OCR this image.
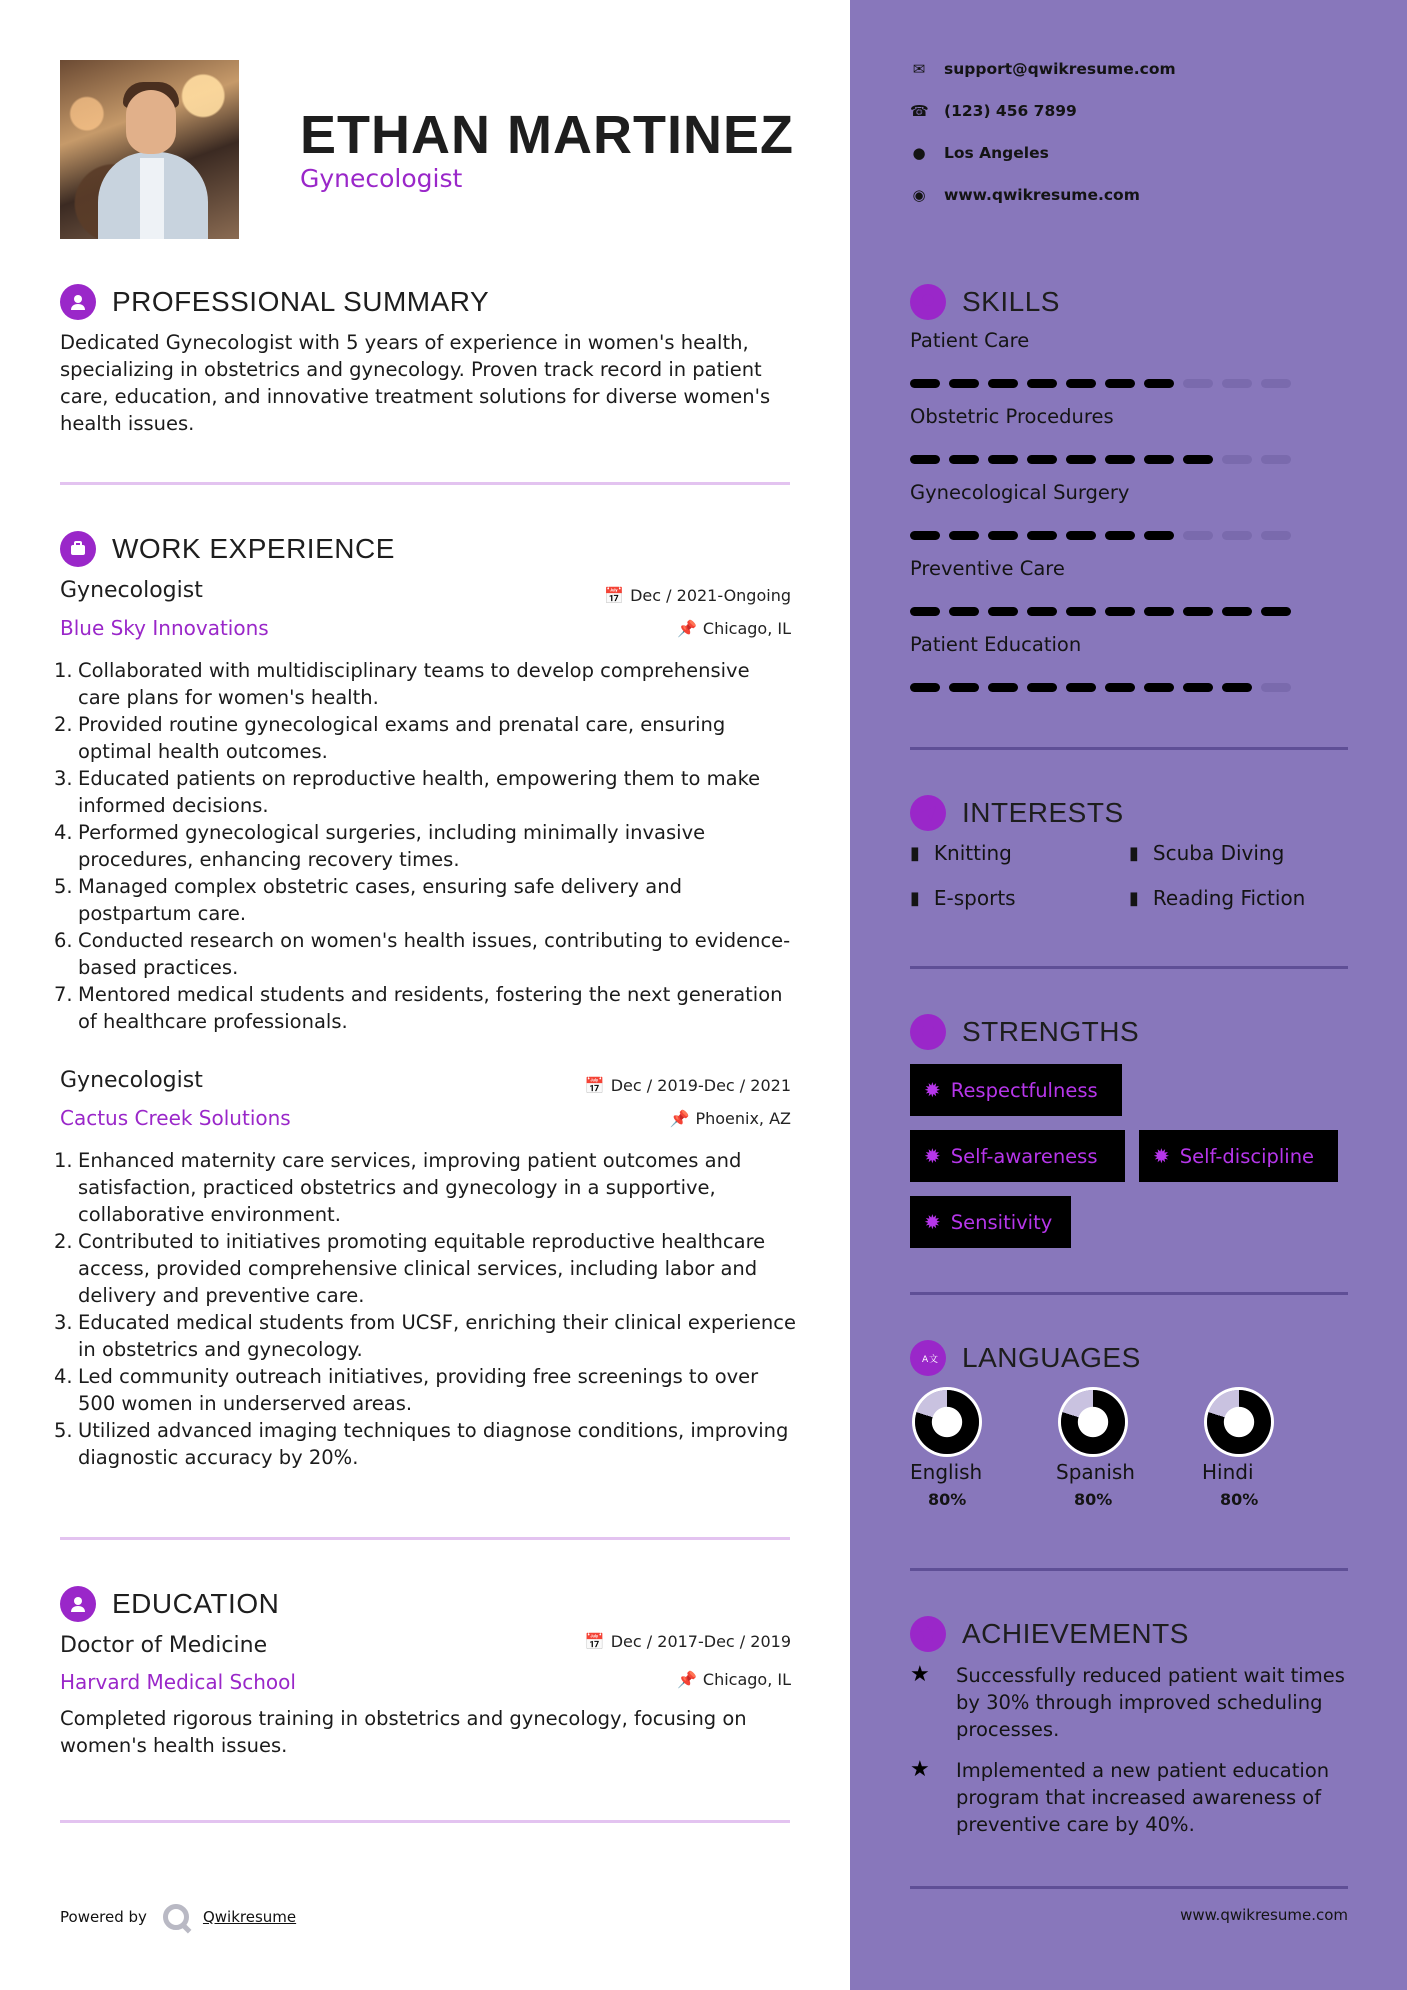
ETHAN MARTINEZ
Gynecologist
PROFESSIONAL SUMMARY
Dedicated Gynecologist with 5 years of experience in women's health, specializing in obstetrics and gynecology. Proven track record in patient care, education, and innovative treatment solutions for diverse women's health issues.
WORK EXPERIENCE
Gynecologist	📅 Dec / 2021-Ongoing
Blue Sky Innovations	📌 Chicago, IL
Collaborated with multidisciplinary teams to develop comprehensive care plans for women's health.
Provided routine gynecological exams and prenatal care, ensuring optimal health outcomes.
Educated patients on reproductive health, empowering them to make informed decisions.
Performed gynecological surgeries, including minimally invasive procedures, enhancing recovery times.
Managed complex obstetric cases, ensuring safe delivery and postpartum care.
Conducted research on women's health issues, contributing to evidence-based practices.
Mentored medical students and residents, fostering the next generation of healthcare professionals.
Gynecologist	📅 Dec / 2019-Dec / 2021
Cactus Creek Solutions	📌 Phoenix, AZ
Enhanced maternity care services, improving patient outcomes and satisfaction, practiced obstetrics and gynecology in a supportive, collaborative environment.
Contributed to initiatives promoting equitable reproductive healthcare access, provided comprehensive clinical services, including labor and delivery and preventive care.
Educated medical students from UCSF, enriching their clinical experience in obstetrics and gynecology.
Led community outreach initiatives, providing free screenings to over 500 women in underserved areas.
Utilized advanced imaging techniques to diagnose conditions, improving diagnostic accuracy by 20%.
EDUCATION
Doctor of Medicine	📅 Dec / 2017-Dec / 2019
Harvard Medical School	📌 Chicago, IL
Completed rigorous training in obstetrics and gynecology, focusing on women's health issues.
Powered by	Qwikresume
✉ support@qwikresume.com
☎ (123) 456 7899
● Los Angeles
◉ www.qwikresume.com
SKILLS
Patient Care
Obstetric Procedures
Gynecological Surgery
Preventive Care
Patient Education
INTERESTS
▮ Knitting	▮ Scuba Diving
▮ E-sports	▮ Reading Fiction
STRENGTHS
✹ Respectfulness
✹ Self-awareness	✹ Self-discipline
✹ Sensitivity
A 文 LANGUAGES
English
80%
Spanish
80%
Hindi
80%
ACHIEVEMENTS
★	Successfully reduced patient wait times by 30% through improved scheduling processes.
★	Implemented a new patient education program that increased awareness of preventive care by 40%.
www.qwikresume.com
